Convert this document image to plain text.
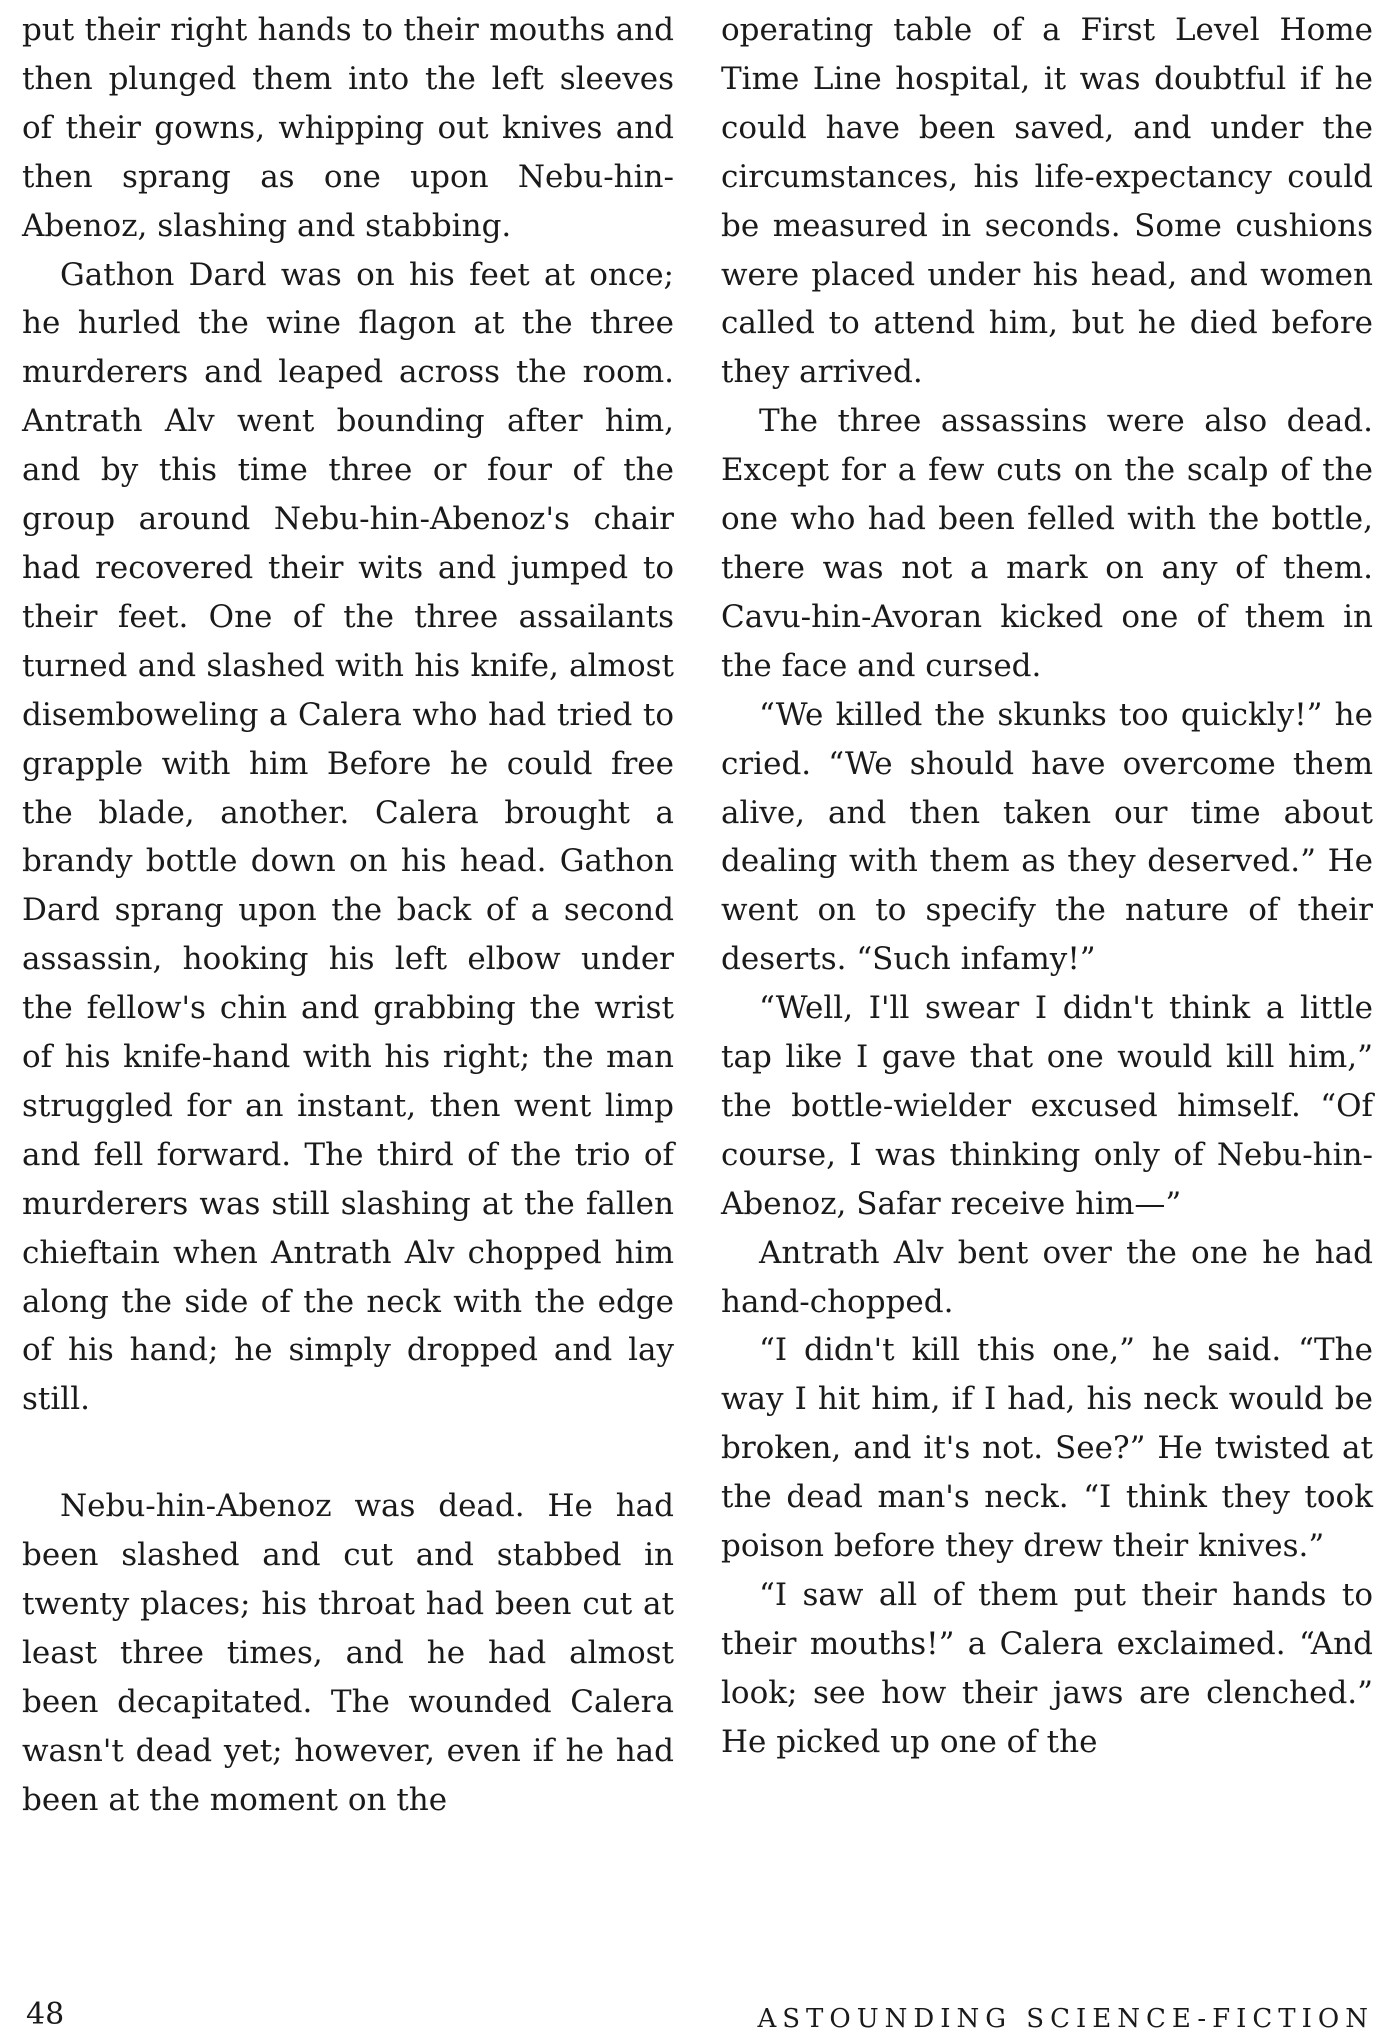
put their right hands to their mouths and then plunged them into the left sleeves of their gowns, whipping out knives and then sprang as one upon Nebu-hin-Abenoz, slashing and stabbing.

Gathon Dard was on his feet at once; he hurled the wine flagon at the three murderers and leaped across the room. Antrath Alv went bounding after him, and by this time three or four of the group around Nebu-hin-Abenoz's chair had recovered their wits and jumped to their feet. One of the three assailants turned and slashed with his knife, almost disemboweling a Calera who had tried to grapple with him Before he could free the blade, another. Calera brought a brandy bottle down on his head. Gathon Dard sprang upon the back of a second assassin, hooking his left elbow under the fellow's chin and grabbing the wrist of his knife-hand with his right; the man struggled for an instant, then went limp and fell forward. The third of the trio of murderers was still slashing at the fallen chieftain when Antrath Alv chopped him along the side of the neck with the edge of his hand; he simply dropped and lay still.

Nebu-hin-Abenoz was dead. He had been slashed and cut and stabbed in twenty places; his throat had been cut at least three times, and he had almost been decapitated. The wounded Calera wasn't dead yet; however, even if he had been at the moment on the

operating table of a First Level Home Time Line hospital, it was doubtful if he could have been saved, and under the circumstances, his life-expectancy could be measured in seconds. Some cushions were placed under his head, and women called to attend him, but he died before they arrived.

The three assassins were also dead. Except for a few cuts on the scalp of the one who had been felled with the bottle, there was not a mark on any of them. Cavu-hin-Avoran kicked one of them in the face and cursed.

“We killed the skunks too quickly!” he cried. “We should have overcome them alive, and then taken our time about dealing with them as they deserved.” He went on to specify the nature of their deserts. “Such infamy!”

“Well, I'll swear I didn't think a little tap like I gave that one would kill him,” the bottle-wielder excused himself. “Of course, I was thinking only of Nebu-hin-Abenoz, Safar receive him—”

Antrath Alv bent over the one he had hand-chopped.

“I didn't kill this one,” he said. “The way I hit him, if I had, his neck would be broken, and it's not. See?” He twisted at the dead man's neck. “I think they took poison before they drew their knives.”

“I saw all of them put their hands to their mouths!” a Calera exclaimed. “And look; see how their jaws are clenched.” He picked up one of the

48	ASTOUNDING SCIENCE-FICTION
